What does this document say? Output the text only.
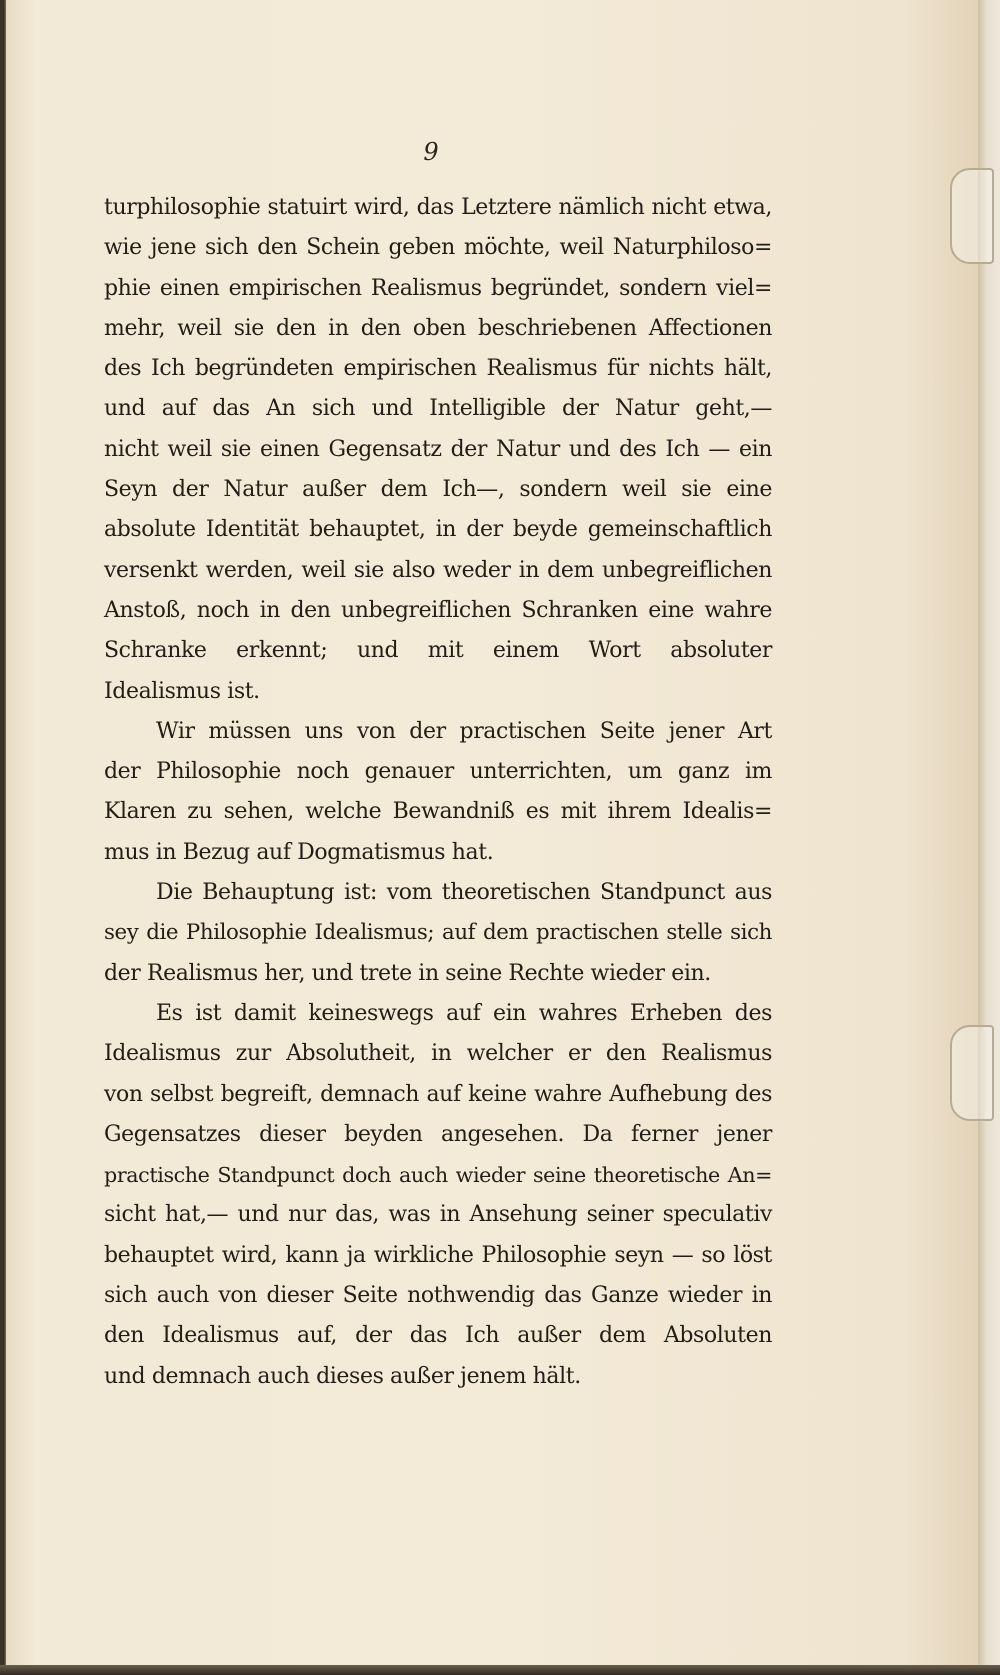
9
turphilosophie statuirt wird, das Letztere nämlich nicht etwa,
wie jene sich den Schein geben möchte, weil Naturphiloso=
phie einen empirischen Realismus begründet, sondern viel=
mehr, weil sie den in den oben beschriebenen Affectionen
des Ich begründeten empirischen Realismus für nichts hält,
und auf das An sich und Intelligible der Natur geht,—
nicht weil sie einen Gegensatz der Natur und des Ich — ein
Seyn der Natur außer dem Ich—, sondern weil sie eine
absolute Identität behauptet, in der beyde gemeinschaftlich
versenkt werden, weil sie also weder in dem unbegreiflichen
Anstoß, noch in den unbegreiflichen Schranken eine wahre
Schranke erkennt; und mit einem Wort absoluter
Idealismus ist.
Wir müssen uns von der practischen Seite jener Art
der Philosophie noch genauer unterrichten, um ganz im
Klaren zu sehen, welche Bewandniß es mit ihrem Idealis=
mus in Bezug auf Dogmatismus hat.
Die Behauptung ist: vom theoretischen Standpunct aus
sey die Philosophie Idealismus; auf dem practischen stelle sich
der Realismus her, und trete in seine Rechte wieder ein.
Es ist damit keineswegs auf ein wahres Erheben des
Idealismus zur Absolutheit, in welcher er den Realismus
von selbst begreift, demnach auf keine wahre Aufhebung des
Gegensatzes dieser beyden angesehen. Da ferner jener
practische Standpunct doch auch wieder seine theoretische An=
sicht hat,— und nur das, was in Ansehung seiner speculativ
behauptet wird, kann ja wirkliche Philosophie seyn — so löst
sich auch von dieser Seite nothwendig das Ganze wieder in
den Idealismus auf, der das Ich außer dem Absoluten
und demnach auch dieses außer jenem hält.
